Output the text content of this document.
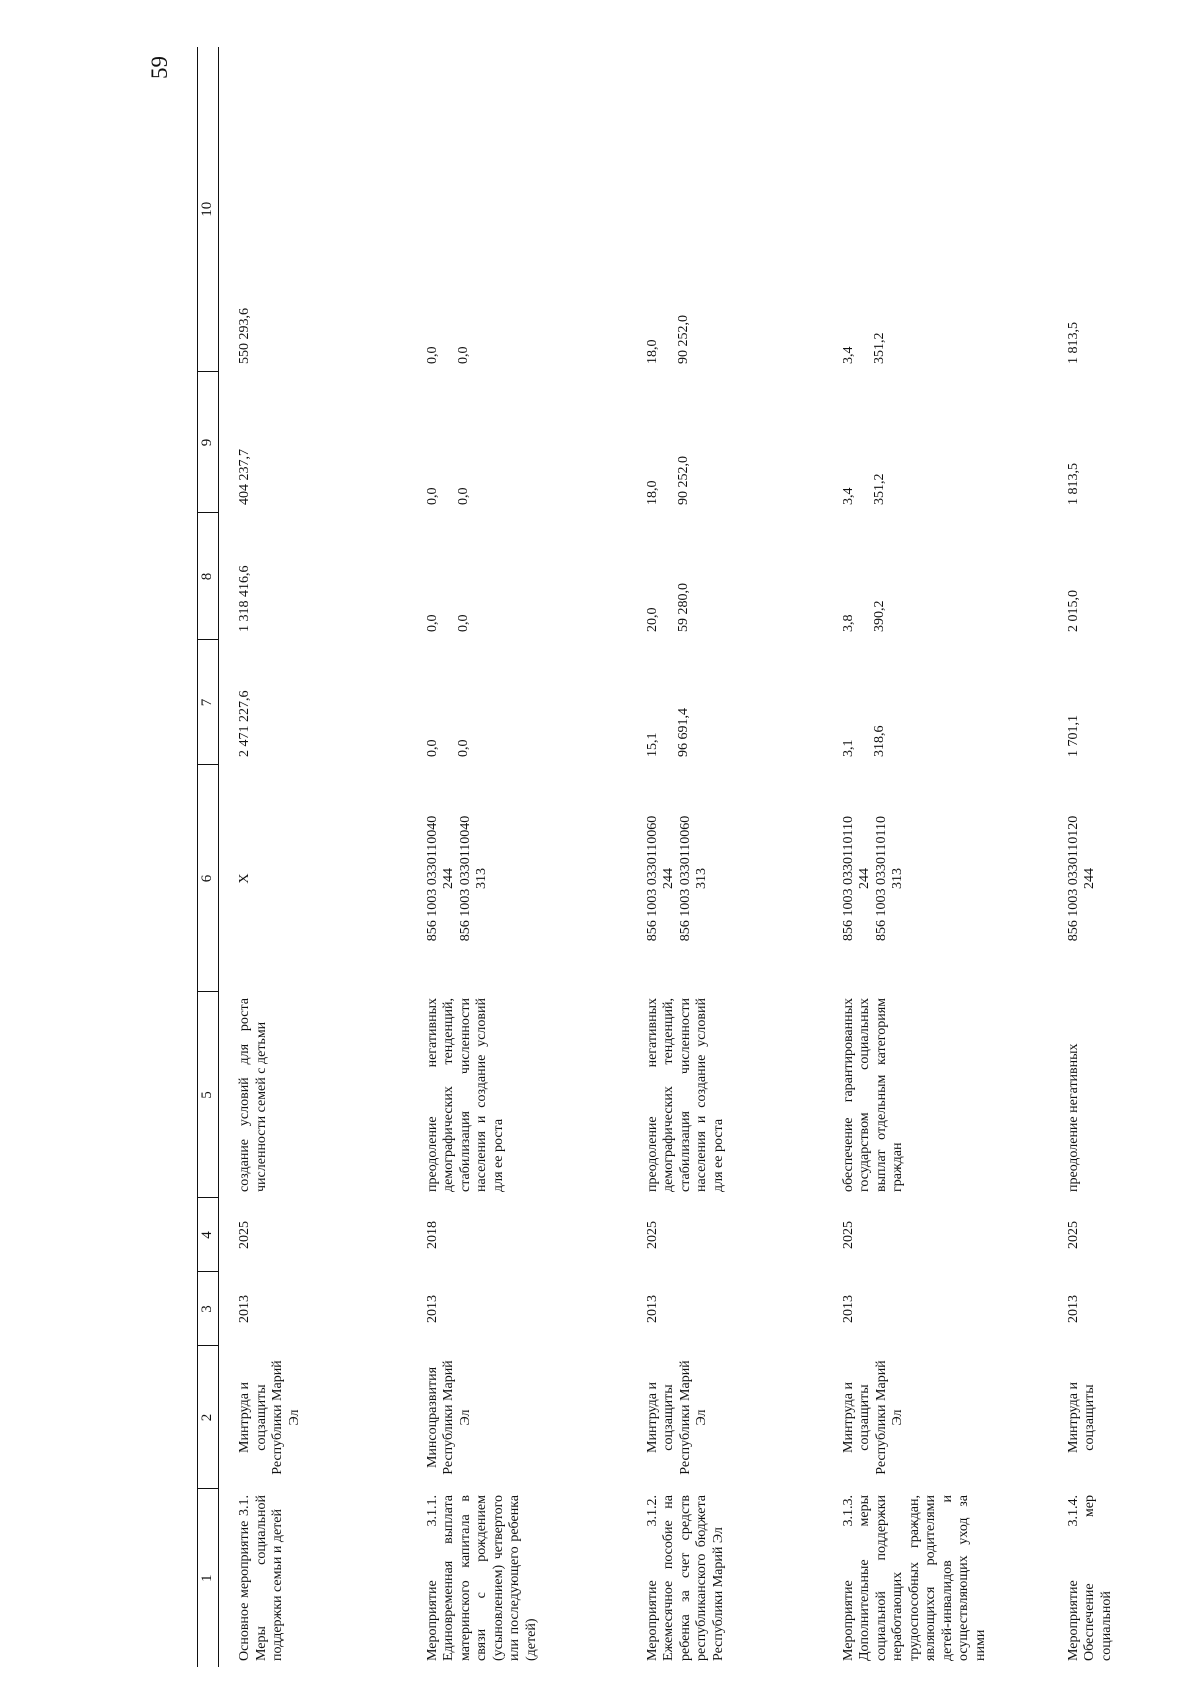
59
1	2	3	4	5	6	7	8	9	10
Основное мероприятие 3.1. Меры социальной поддержки семьи и детей	Минтруда и соцзащиты Республики Марий Эл	2013	2025	создание условий для роста численности семей с детьми	Х	2 471 227,6	1 318 416,6	404 237,7	550 293,6

Мероприятие 3.1.1. Единовременная выплата материнского капитала в связи с рождением (усыновлением) четвертого или последующего ребенка (детей)	Минсоцразвития Республики Марий Эл	2013	2018	преодоление негативных демографических тенденций, стабилизация численности населения и создание условий для ее роста	856 1003 0330110040 244 856 1003 0330110040 313	0,0 0,0	0,0 0,0	0,0 0,0	0,0 0,0

Мероприятие 3.1.2. Ежемесячное пособие на ребенка за счет средств республиканского бюджета Республики Марий Эл	Минтруда и соцзащиты Республики Марий Эл	2013	2025	преодоление негативных демографических тенденций, стабилизация численности населения и создание условий для ее роста	856 1003 0330110060 244 856 1003 0330110060 313	15,1 96 691,4	20,0 59 280,0	18,0 90 252,0	18,0 90 252,0

Мероприятие 3.1.3. Дополнительные меры социальной поддержки неработающих трудоспособных граждан, являющихся родителями детей-инвалидов и осуществляющих уход за ними	Минтруда и соцзащиты Республики Марий Эл	2013	2025	обеспечение гарантированных государством социальных выплат отдельным категориям граждан	856 1003 0330110110 244 856 1003 0330110110 313	3,1 318,6	3,8 390,2	3,4 351,2	3,4 351,2

Мероприятие 3.1.4. Обеспечение мер социальной	Минтруда и соцзащиты	2013	2025	преодоление негативных	856 1003 0330110120 244	1 701,1	2 015,0	1 813,5	1 813,5
